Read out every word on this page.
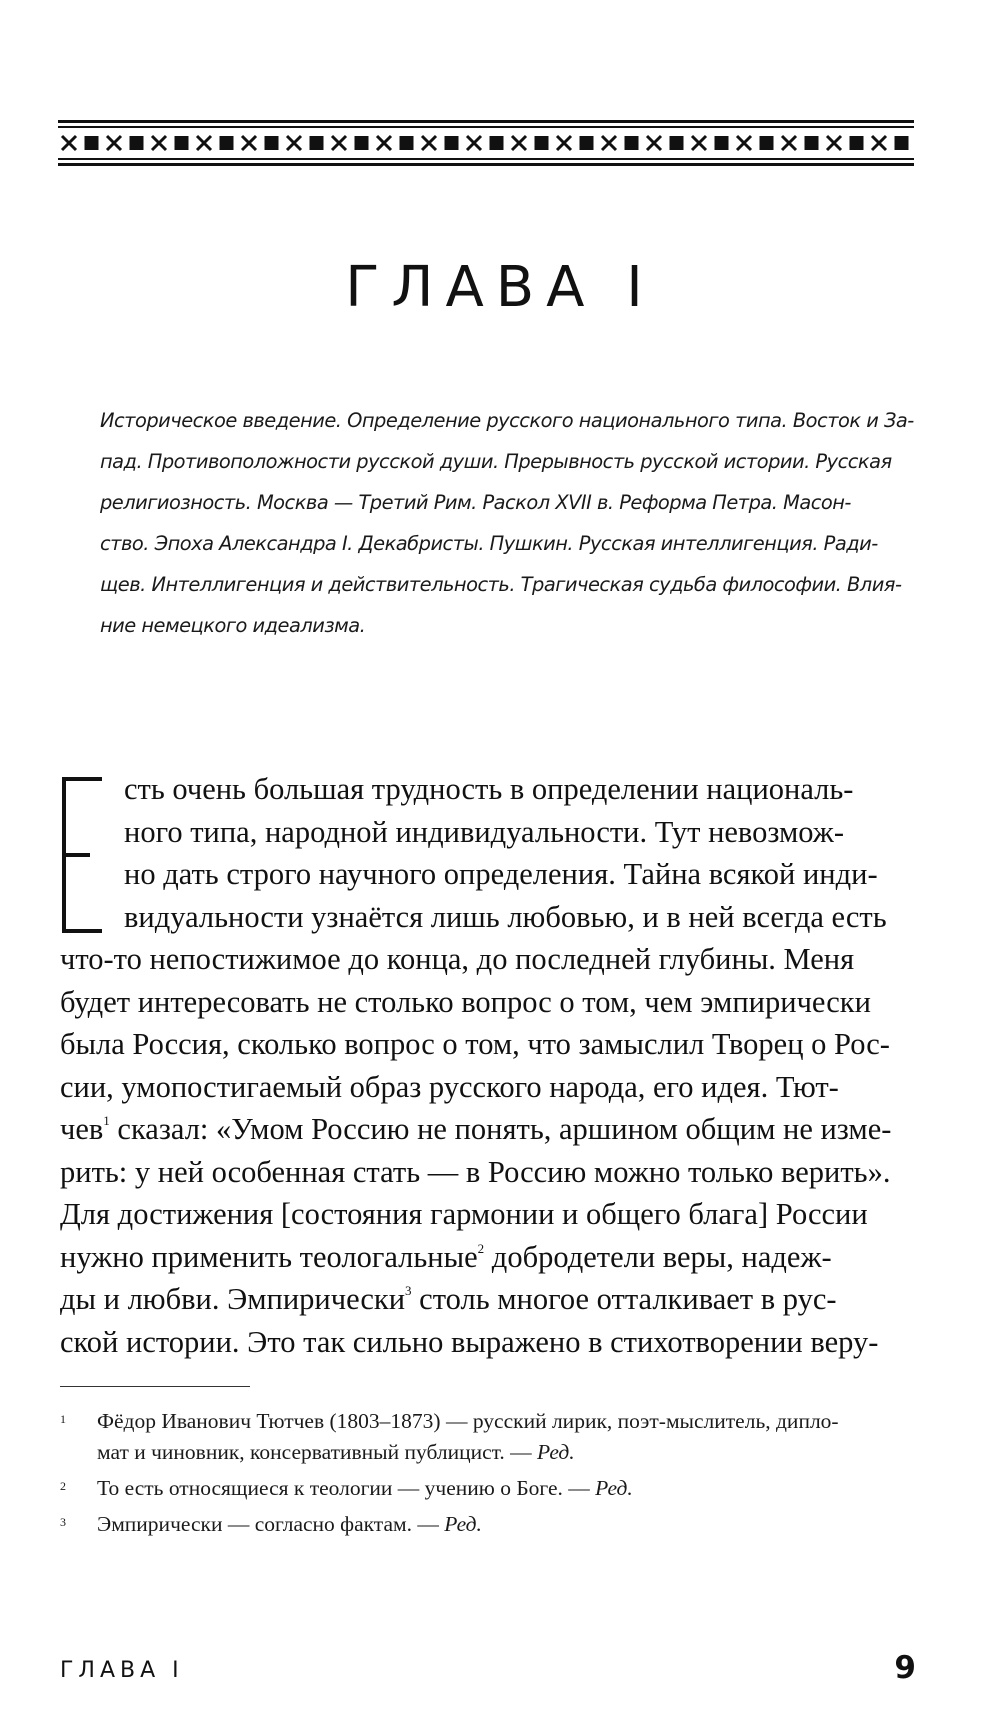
ГЛАВА I

Историческое введение. Определение русского национального типа. Восток и За-
пад. Противоположности русской души. Прерывность русской истории. Русская
религиозность. Москва — Третий Рим. Раскол XVII в. Реформа Петра. Масон-
ство. Эпоха Александра I. Декабристы. Пушкин. Русская интеллигенция. Ради-
щев. Интеллигенция и действительность. Трагическая судьба философии. Влия-
ние немецкого идеализма.

сть очень большая трудность в определении националь-
ного типа, народной индивидуальности. Тут невозмож-
но дать строго научного определения. Тайна всякой инди-
видуальности узнаётся лишь любовью, и в ней всегда есть
что-то непостижимое до конца, до последней глубины. Меня
будет интересовать не столько вопрос о том, чем эмпирически
была Россия, сколько вопрос о том, что замыслил Творец о Рос-
сии, умопостигаемый образ русского народа, его идея. Тют-
чев$^1$ сказал: «Умом Россию не понять, аршином общим не изме-
рить: у ней особенная стать — в Россию можно только верить».
Для достижения [состояния гармонии и общего блага] России
нужно применить теологальные$^2$ добродетели веры, надеж-
ды и любви. Эмпирически$^3$ столь многое отталкивает в рус-
ской истории. Это так сильно выражено в стихотворении веру-
1 Фёдор Иванович Тютчев (1803–1873) — русский лирик, поэт-мыслитель, дипло-
мат и чиновник, консервативный публицист. — Ред.
2 То есть относящиеся к теологии — учению о Боге. — Ред.
3 Эмпирически — согласно фактам. — Ред.
ГЛАВА I	9
